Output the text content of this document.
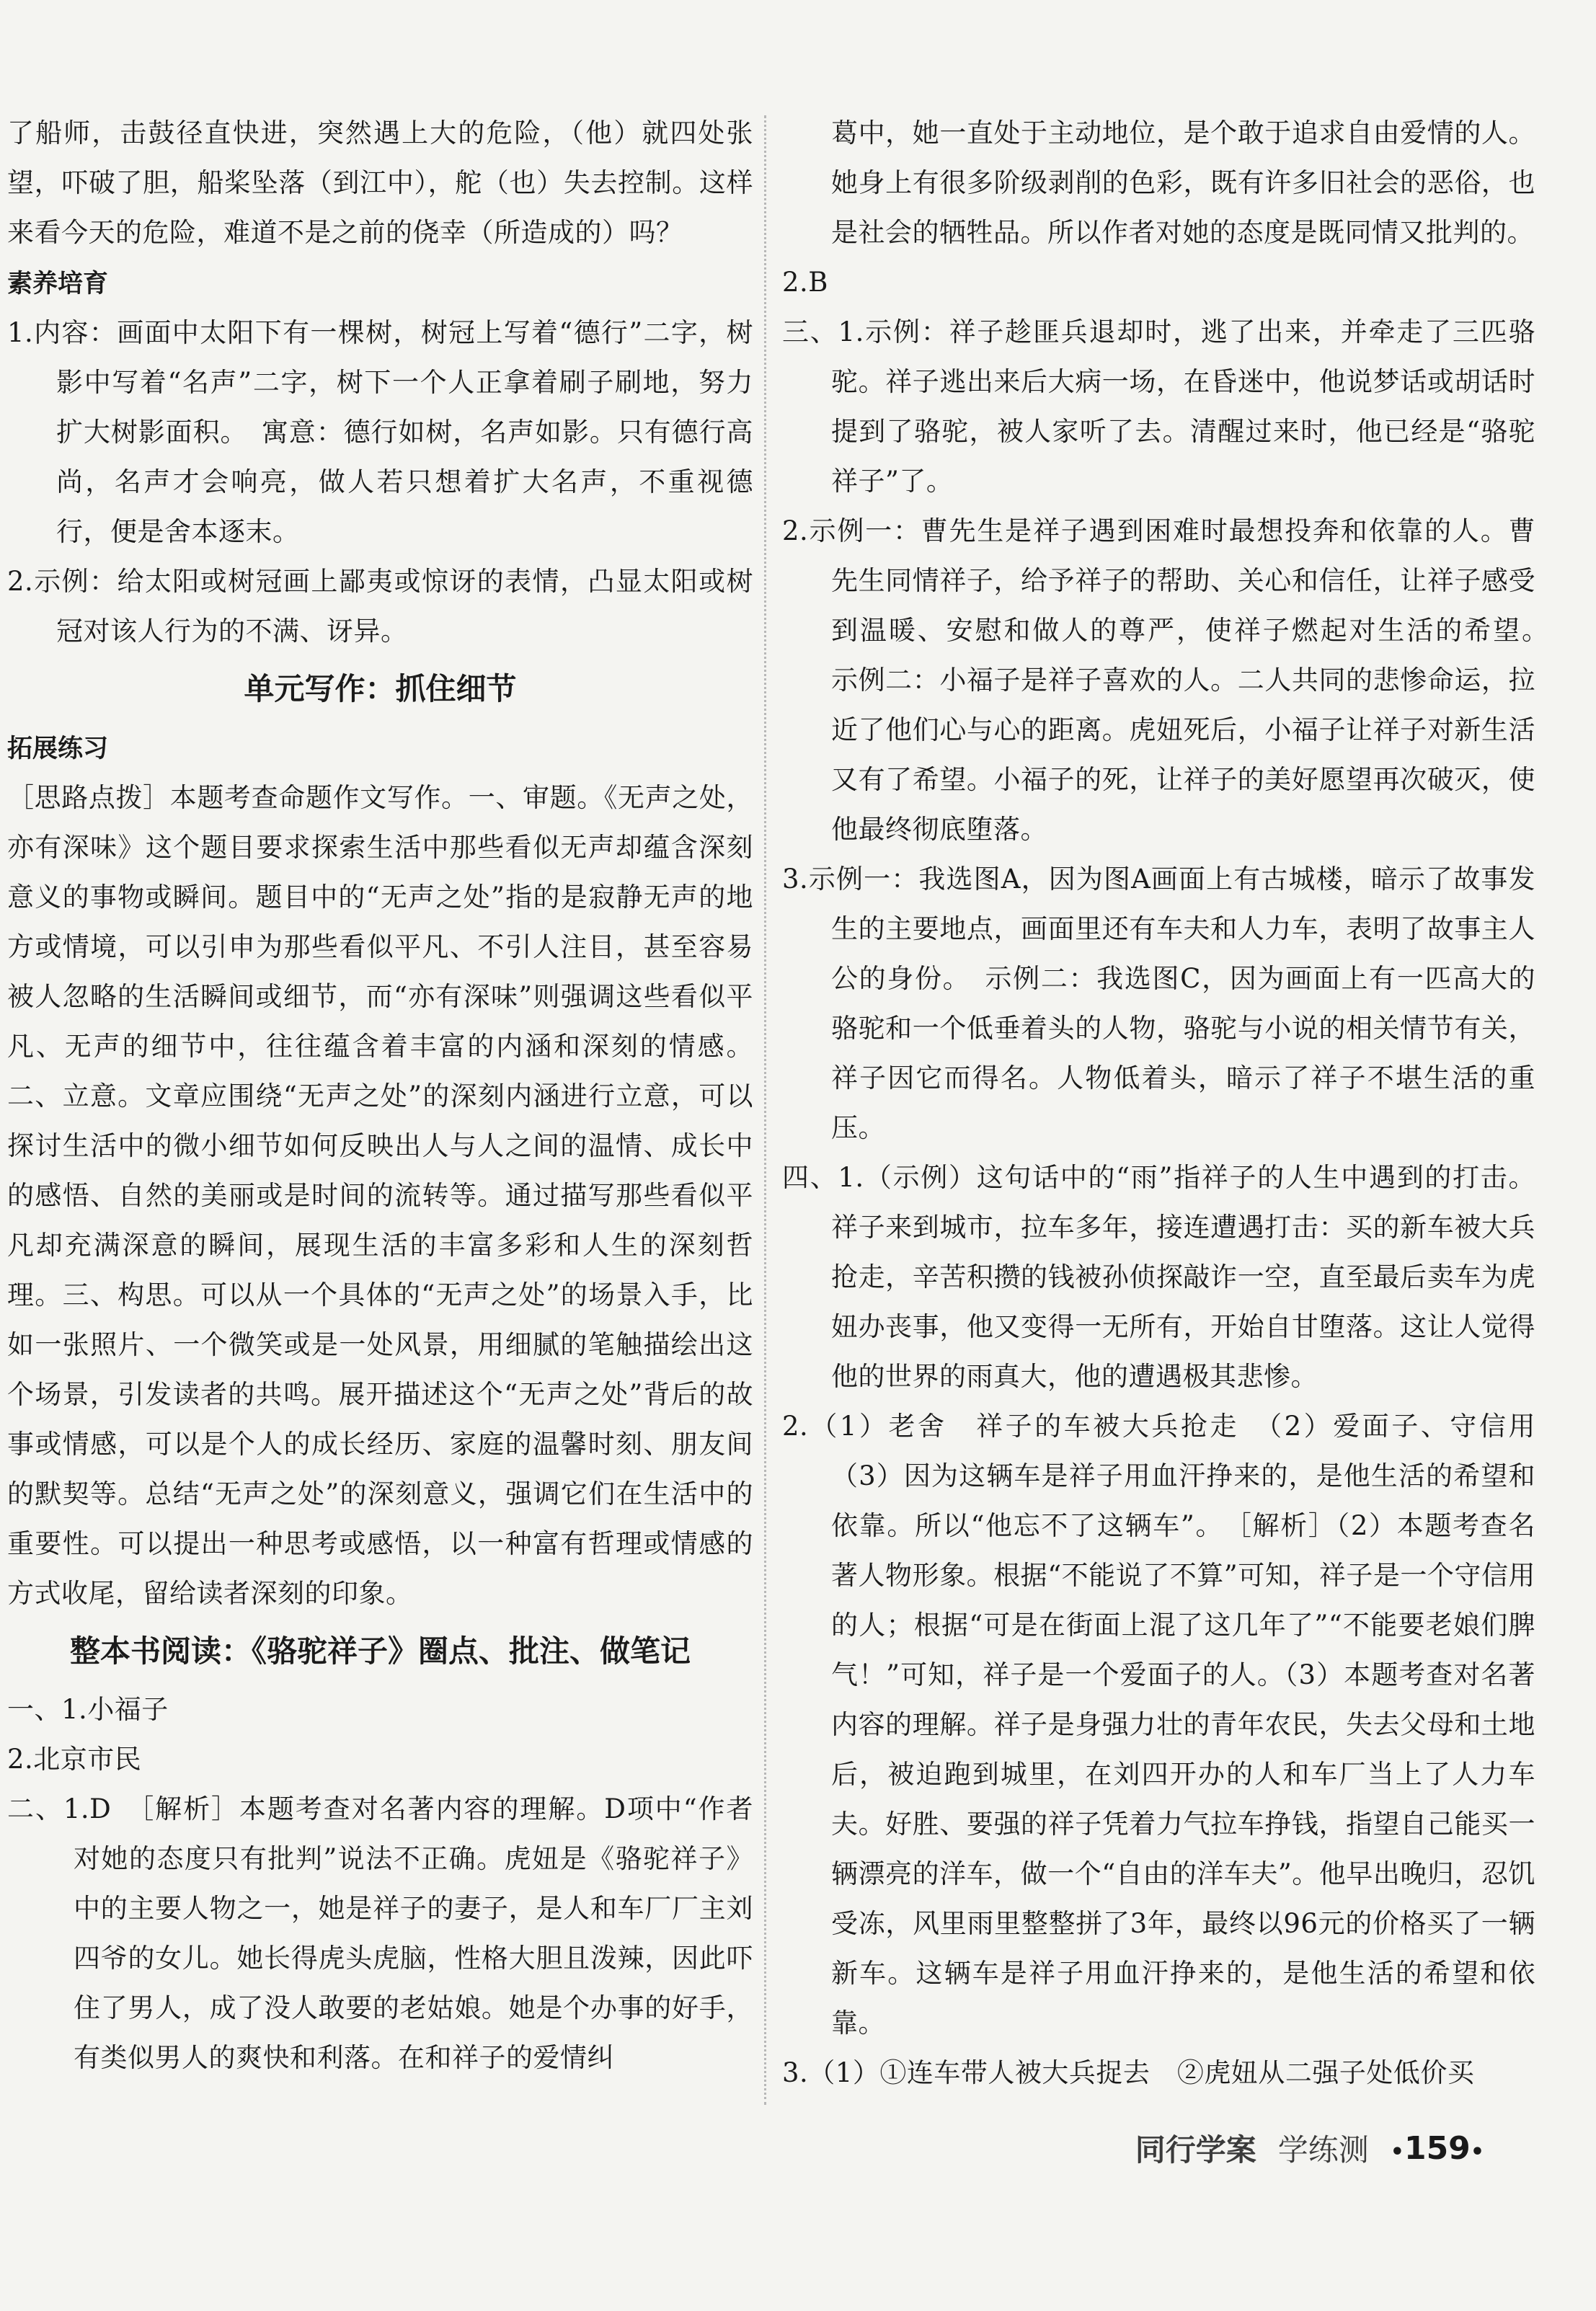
了船师，击鼓径直快进，突然遇上大的危险，（他）就四处张望，吓破了胆，船桨坠落（到江中），舵（也）失去控制。这样来看今天的危险，难道不是之前的侥幸（所造成的）吗？

素养培育

1.内容：画面中太阳下有一棵树，树冠上写着“德行”二字，树影中写着“名声”二字，树下一个人正拿着刷子刷地，努力扩大树影面积。　寓意：德行如树，名声如影。只有德行高尚，名声才会响亮，做人若只想着扩大名声，不重视德行，便是舍本逐末。

2.示例：给太阳或树冠画上鄙夷或惊讶的表情，凸显太阳或树冠对该人行为的不满、讶异。

单元写作：抓住细节

拓展练习

［思路点拨］本题考查命题作文写作。一、审题。《无声之处，亦有深味》这个题目要求探索生活中那些看似无声却蕴含深刻意义的事物或瞬间。题目中的“无声之处”指的是寂静无声的地方或情境，可以引申为那些看似平凡、不引人注目，甚至容易被人忽略的生活瞬间或细节，而“亦有深味”则强调这些看似平凡、无声的细节中，往往蕴含着丰富的内涵和深刻的情感。二、立意。文章应围绕“无声之处”的深刻内涵进行立意，可以探讨生活中的微小细节如何反映出人与人之间的温情、成长中的感悟、自然的美丽或是时间的流转等。通过描写那些看似平凡却充满深意的瞬间，展现生活的丰富多彩和人生的深刻哲理。三、构思。可以从一个具体的“无声之处”的场景入手，比如一张照片、一个微笑或是一处风景，用细腻的笔触描绘出这个场景，引发读者的共鸣。展开描述这个“无声之处”背后的故事或情感，可以是个人的成长经历、家庭的温馨时刻、朋友间的默契等。总结“无声之处”的深刻意义，强调它们在生活中的重要性。可以提出一种思考或感悟，以一种富有哲理或情感的方式收尾，留给读者深刻的印象。

整本书阅读：《骆驼祥子》圈点、批注、做笔记

一、1.小福子

2.北京市民

二、1.D　［解析］本题考查对名著内容的理解。D项中“作者对她的态度只有批判”说法不正确。虎妞是《骆驼祥子》中的主要人物之一，她是祥子的妻子，是人和车厂厂主刘四爷的女儿。她长得虎头虎脑，性格大胆且泼辣，因此吓住了男人，成了没人敢要的老姑娘。她是个办事的好手，有类似男人的爽快和利落。在和祥子的爱情纠

葛中，她一直处于主动地位，是个敢于追求自由爱情的人。她身上有很多阶级剥削的色彩，既有许多旧社会的恶俗，也是社会的牺牲品。所以作者对她的态度是既同情又批判的。

2.B

三、1.示例：祥子趁匪兵退却时，逃了出来，并牵走了三匹骆驼。祥子逃出来后大病一场，在昏迷中，他说梦话或胡话时提到了骆驼，被人家听了去。清醒过来时，他已经是“骆驼祥子”了。

2.示例一：曹先生是祥子遇到困难时最想投奔和依靠的人。曹先生同情祥子，给予祥子的帮助、关心和信任，让祥子感受到温暖、安慰和做人的尊严，使祥子燃起对生活的希望。　示例二：小福子是祥子喜欢的人。二人共同的悲惨命运，拉近了他们心与心的距离。虎妞死后，小福子让祥子对新生活又有了希望。小福子的死，让祥子的美好愿望再次破灭，使他最终彻底堕落。

3.示例一：我选图A，因为图A画面上有古城楼，暗示了故事发生的主要地点，画面里还有车夫和人力车，表明了故事主人公的身份。　示例二：我选图C，因为画面上有一匹高大的骆驼和一个低垂着头的人物，骆驼与小说的相关情节有关，祥子因它而得名。人物低着头，暗示了祥子不堪生活的重压。

四、1.（示例）这句话中的“雨”指祥子的人生中遇到的打击。祥子来到城市，拉车多年，接连遭遇打击：买的新车被大兵抢走，辛苦积攒的钱被孙侦探敲诈一空，直至最后卖车为虎妞办丧事，他又变得一无所有，开始自甘堕落。这让人觉得他的世界的雨真大，他的遭遇极其悲惨。

2.（1）老舍　祥子的车被大兵抢走　（2）爱面子、守信用（3）因为这辆车是祥子用血汗挣来的，是他生活的希望和依靠。所以“他忘不了这辆车”。　［解析］（2）本题考查名著人物形象。根据“不能说了不算”可知，祥子是一个守信用的人；根据“可是在街面上混了这几年了”“不能要老娘们脾气！”可知，祥子是一个爱面子的人。（3）本题考查对名著内容的理解。祥子是身强力壮的青年农民，失去父母和土地后，被迫跑到城里，在刘四开办的人和车厂当上了人力车夫。好胜、要强的祥子凭着力气拉车挣钱，指望自己能买一辆漂亮的洋车，做一个“自由的洋车夫”。他早出晚归，忍饥受冻，风里雨里整整拼了3年，最终以96元的价格买了一辆新车。这辆车是祥子用血汗挣来的，是他生活的希望和依靠。

3.（1）①连车带人被大兵捉去　②虎妞从二强子处低价买

同行学案 学练测 •159•
